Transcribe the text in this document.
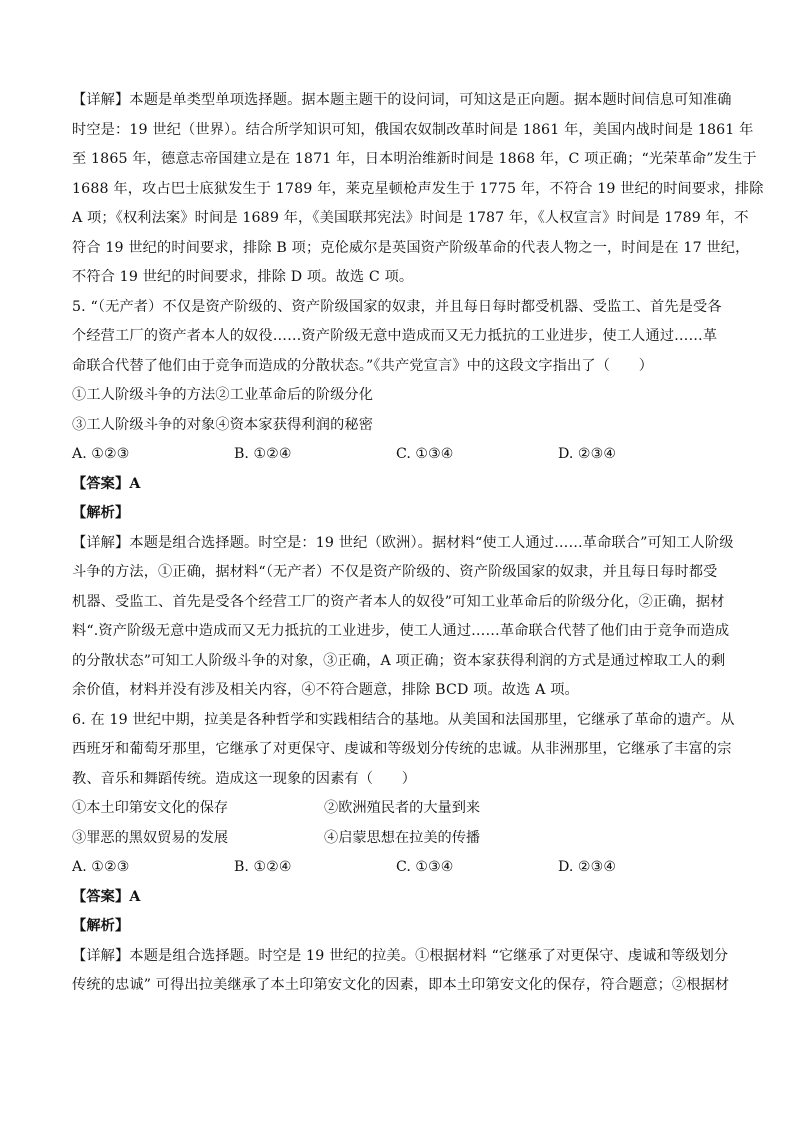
【详解】本题是单类型单项选择题。据本题主题干的设问词，可知这是正向题。据本题时间信息可知准确
时空是：19 世纪（世界）。结合所学知识可知，俄国农奴制改革时间是 1861 年，美国内战时间是 1861 年
至 1865 年，德意志帝国建立是在 1871 年，日本明治维新时间是 1868 年，C 项正确；“光荣革命”发生于
1688 年，攻占巴士底狱发生于 1789 年，莱克星顿枪声发生于 1775 年，不符合 19 世纪的时间要求，排除
A 项；《权利法案》时间是 1689 年，《美国联邦宪法》时间是 1787 年，《人权宣言》时间是 1789 年，不
符合 19 世纪的时间要求，排除 B 项；克伦威尔是英国资产阶级革命的代表人物之一，时间是在 17 世纪，
不符合 19 世纪的时间要求，排除 D 项。故选 C 项。
5. “（无产者）不仅是资产阶级的、资产阶级国家的奴隶，并且每日每时都受机器、受监工、首先是受各
个经营工厂的资产者本人的奴役……资产阶级无意中造成而又无力抵抗的工业进步，使工人通过……革
命联合代替了他们由于竞争而造成的分散状态。”《共产党宣言》中的这段文字指出了（　　）
①工人阶级斗争的方法②工业革命后的阶级分化
③工人阶级斗争的对象④资本家获得利润的秘密
A. ①②③	B. ①②④	C. ①③④	D. ②③④
【答案】A
【解析】
【详解】本题是组合选择题。时空是：19 世纪（欧洲）。据材料“使工人通过……革命联合”可知工人阶级
斗争的方法，①正确，据材料“（无产者）不仅是资产阶级的、资产阶级国家的奴隶，并且每日每时都受
机器、受监工、首先是受各个经营工厂的资产者本人的奴役”可知工业革命后的阶级分化，②正确，据材
料“.资产阶级无意中造成而又无力抵抗的工业进步，使工人通过……革命联合代替了他们由于竞争而造成
的分散状态”可知工人阶级斗争的对象，③正确，A 项正确；资本家获得利润的方式是通过榨取工人的剩
余价值，材料并没有涉及相关内容，④不符合题意，排除 BCD 项。故选 A 项。
6. 在 19 世纪中期，拉美是各种哲学和实践相结合的基地。从美国和法国那里，它继承了革命的遗产。从
西班牙和葡萄牙那里，它继承了对更保守、虔诚和等级划分传统的忠诚。从非洲那里，它继承了丰富的宗
教、音乐和舞蹈传统。造成这一现象的因素有（　　）
①本土印第安文化的保存	②欧洲殖民者的大量到来
③罪恶的黑奴贸易的发展	④启蒙思想在拉美的传播
A. ①②③	B. ①②④	C. ①③④	D. ②③④
【答案】A
【解析】
【详解】本题是组合选择题。时空是 19 世纪的拉美。①根据材料 “它继承了对更保守、虔诚和等级划分
传统的忠诚” 可得出拉美继承了本土印第安文化的因素，即本土印第安文化的保存，符合题意；②根据材
